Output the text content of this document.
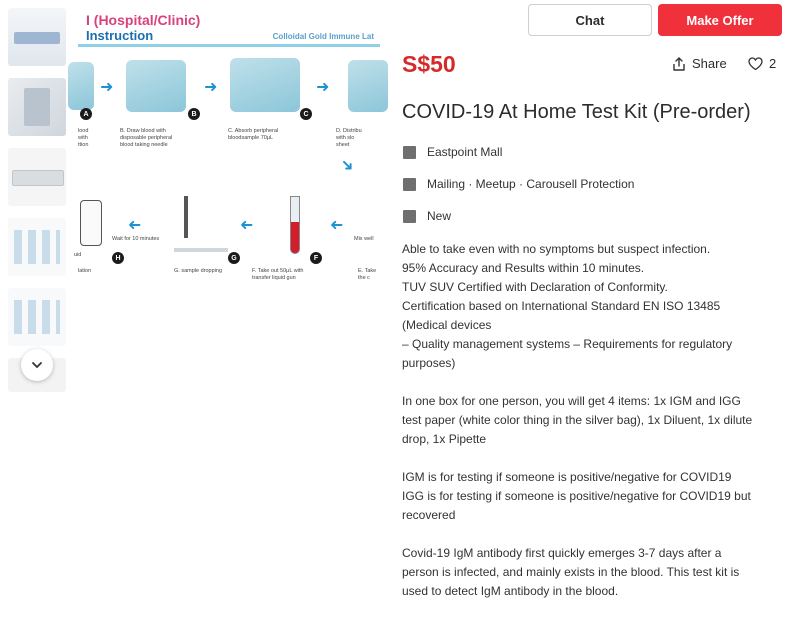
I (Hospital/Clinic)
Instruction	Colloidal Gold Immune Lat
A
lood
with
ttion
➜
B
B. Draw blood with
disposable peripheral
blood taking needle
➜
C
C. Absorb peripheral
bloodsample 70μL
➜
D. Distribu
with slo
sheet
➜
uid	H
lation
Wait for 10 minutes
➜
G
G. sample dropping
➜
F
F. Take out 50μL with
transfer liquid gun
➜
Mix well
E. Take
the c
Chat	Make Offer
S$50	Share	2
COVID-19 At Home Test Kit (Pre-order)
Eastpoint Mall
Mailing · Meetup · Carousell Protection
New

Able to take even with no symptoms but suspect infection.
95% Accuracy and Results within 10 minutes.
TUV SUV Certified with Declaration of Conformity.
Certification based on International Standard EN ISO 13485
(Medical devices
– Quality management systems – Requirements for regulatory
purposes)

In one box for one person, you will get 4 items: 1x IGM and IGG
test paper (white color thing in the silver bag), 1x Diluent, 1x dilute
drop, 1x Pipette

IGM is for testing if someone is positive/negative for COVID19
IGG is for testing if someone is positive/negative for COVID19 but
recovered

Covid-19 IgM antibody first quickly emerges 3-7 days after a
person is infected, and mainly exists in the blood. This test kit is
used to detect IgM antibody in the blood.
